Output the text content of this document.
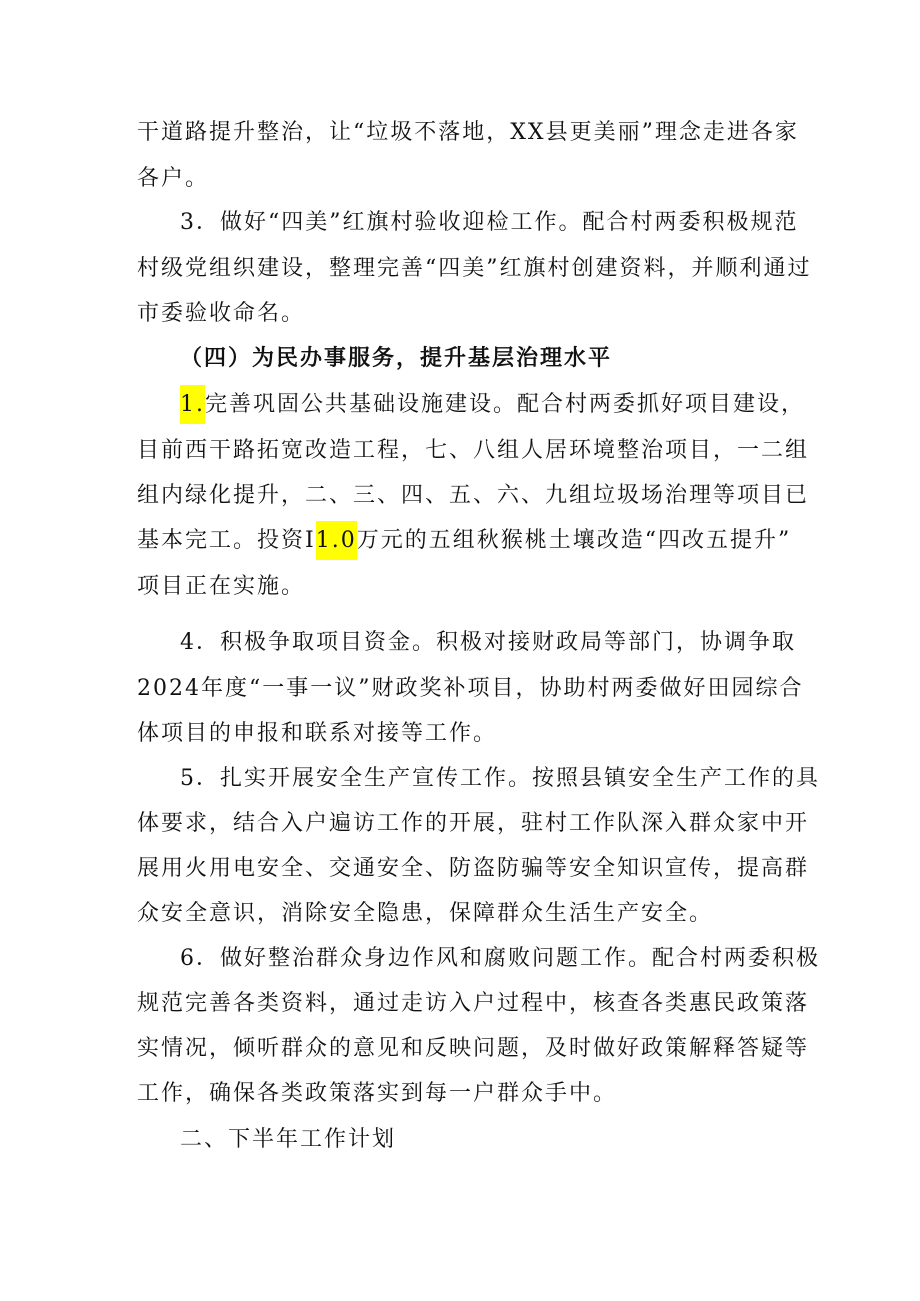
干道路提升整治，让“垃圾不落地，XX县更美丽”理念走进各家
各户。
3．做好“四美”红旗村验收迎检工作。配合村两委积极规范
村级党组织建设，整理完善“四美”红旗村创建资料，并顺利通过
市委验收命名。
（四）为民办事服务，提升基层治理水平
1.完善巩固公共基础设施建设。配合村两委抓好项目建设，
目前西干路拓宽改造工程，七、八组人居环境整治项目，一二组
组内绿化提升，二、三、四、五、六、九组垃圾场治理等项目已
基本完工。投资I1.0万元的五组秋猴桃土壤改造“四改五提升”
项目正在实施。
4．积极争取项目资金。积极对接财政局等部门，协调争取
2024年度“一事一议”财政奖补项目，协助村两委做好田园综合
体项目的申报和联系对接等工作。
5．扎实开展安全生产宣传工作。按照县镇安全生产工作的具
体要求，结合入户遍访工作的开展，驻村工作队深入群众家中开
展用火用电安全、交通安全、防盗防骗等安全知识宣传，提高群
众安全意识，消除安全隐患，保障群众生活生产安全。
6．做好整治群众身边作风和腐败问题工作。配合村两委积极
规范完善各类资料，通过走访入户过程中，核查各类惠民政策落
实情况，倾听群众的意见和反映问题，及时做好政策解释答疑等
工作，确保各类政策落实到每一户群众手中。
二、下半年工作计划
